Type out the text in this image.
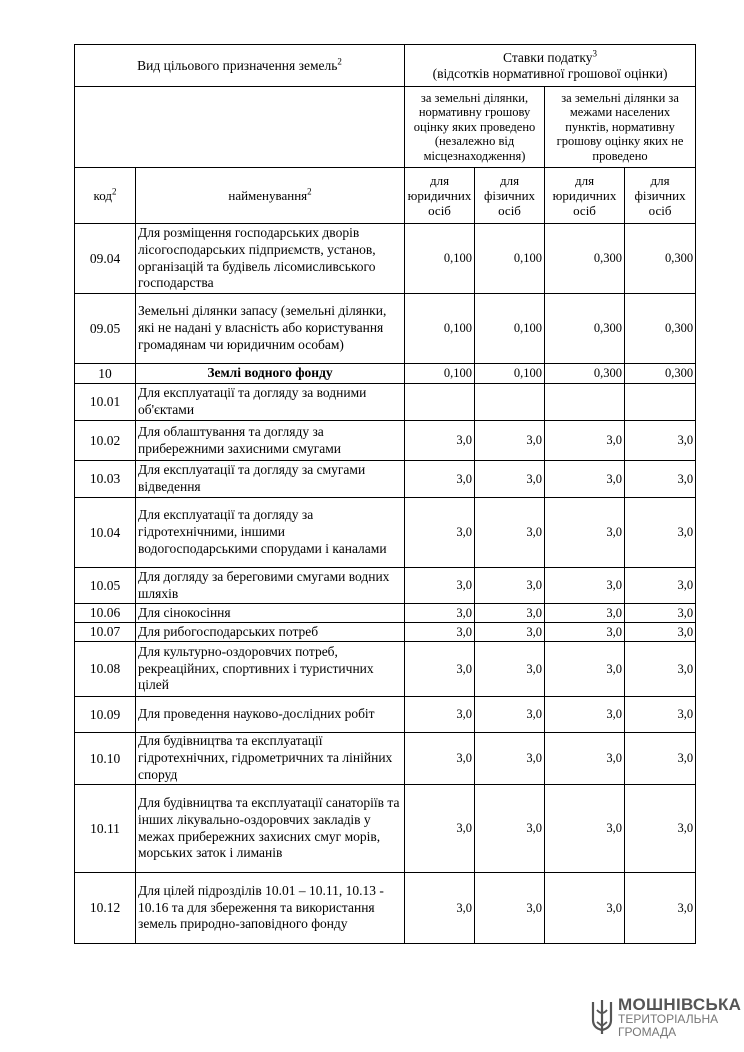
Вид цільового призначення земель$^2$		Ставки податку$^3$
(відсотків нормативної грошової оцінки)			
		за земельні ділянки, нормативну грошову оцінку яких проведено (незалежно від місцезнаходження)		за земельні ділянки за межами населених пунктів, нормативну грошову оцінку яких не проведено	
код$^2$	найменування$^2$	для юридичних осіб	для фізичних осіб	для юридичних осіб	для фізичних осіб
09.04	Для розміщення господарських дворів лісогосподарських підприємств, установ, організацій та будівель лісомисливського господарства	0,100	0,100	0,300	0,300
09.05	Земельні ділянки запасу (земельні ділянки, які не надані у власність або користування громадянам чи юридичним особам)	0,100	0,100	0,300	0,300
10	Землі водного фонду	0,100	0,100	0,300	0,300
10.01	Для експлуатації та догляду за водними об'єктами				
10.02	Для облаштування та догляду за прибережними захисними смугами	3,0	3,0	3,0	3,0
10.03	Для експлуатації та догляду за смугами відведення	3,0	3,0	3,0	3,0
10.04	Для експлуатації та догляду за гідротехнічними, іншими водогосподарськими спорудами і каналами	3,0	3,0	3,0	3,0
10.05	Для догляду за береговими смугами водних шляхів	3,0	3,0	3,0	3,0
10.06	Для сінокосіння	3,0	3,0	3,0	3,0
10.07	Для рибогосподарських потреб	3,0	3,0	3,0	3,0
10.08	Для культурно-оздоровчих потреб, рекреаційних, спортивних і туристичних цілей	3,0	3,0	3,0	3,0
10.09	Для проведення науково-дослідних робіт	3,0	3,0	3,0	3,0
10.10	Для будівництва та експлуатації гідротехнічних, гідрометричних та лінійних споруд	3,0	3,0	3,0	3,0
10.11	Для будівництва та експлуатації санаторіїв та інших лікувально-оздоровчих закладів у межах прибережних захисних смуг морів, морських заток і лиманів	3,0	3,0	3,0	3,0
10.12	Для цілей підрозділів 10.01 – 10.11, 10.13 - 10.16 та для збереження та використання земель природно-заповідного фонду	3,0	3,0	3,0	3,0
МОШНІВСЬКА
ТЕРИТОРІАЛЬНА
ГРОМАДА
